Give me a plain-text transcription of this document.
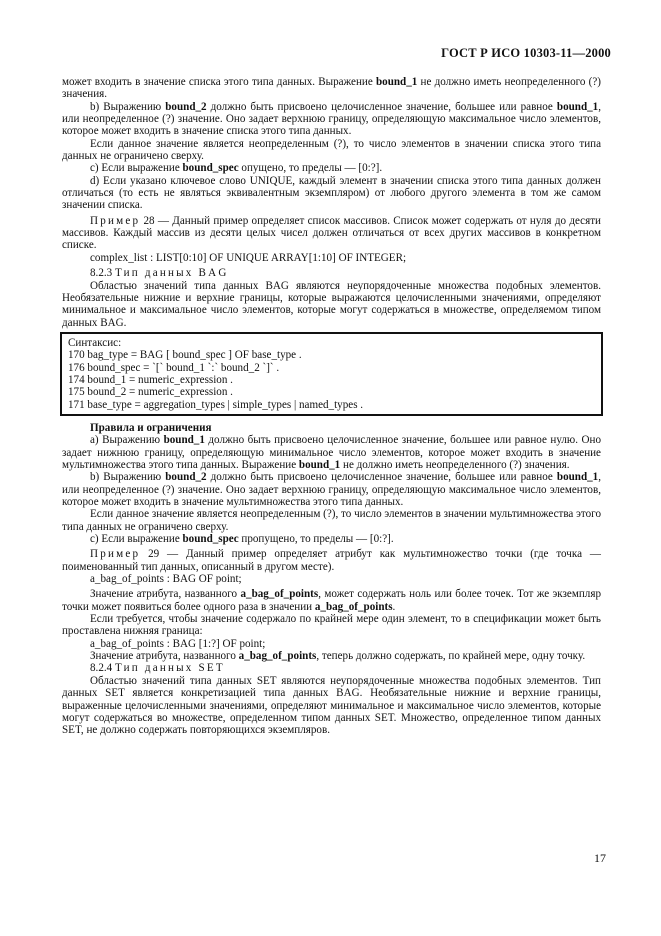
ГОСТ Р ИСО 10303-11—2000

может входить в значение списка этого типа данных. Выражение bound_1 не должно иметь неопределенного (?) значения.

b) Выражению bound_2 должно быть присвоено целочисленное значение, большее или равное bound_1, или неопределенное (?) значение. Оно задает верхнюю границу, определяющую максимальное число элементов, которое может входить в значение списка этого типа данных.

Если данное значение является неопределенным (?), то число элементов в значении списка этого типа данных не ограничено сверху.

c) Если выражение bound_spec опущено, то пределы — [0:?].

d) Если указано ключевое слово UNIQUE, каждый элемент в значении списка этого типа данных должен отличаться (то есть не являться эквивалентным экземпляром) от любого другого элемента в том же самом значении списка.

Пример 28 — Данный пример определяет список массивов. Список может содержать от нуля до десяти массивов. Каждый массив из десяти целых чисел должен отличаться от всех других массивов в конкретном списке.

complex_list : LIST[0:10] OF UNIQUE ARRAY[1:10] OF INTEGER;

8.2.3 Тип данных BAG

Областью значений типа данных BAG являются неупорядоченные множества подобных элементов. Необязательные нижние и верхние границы, которые выражаются целочисленными значениями, определяют минимальное и максимальное число элементов, которые могут содержаться в множестве, определяемом типом данных BAG.

Синтаксис:
170 bag_type = BAG [ bound_spec ] OF base_type .
176 bound_spec = `[` bound_1 `:` bound_2 `]` .
174 bound_1 = numeric_expression .
175 bound_2 = numeric_expression .
171 base_type = aggregation_types | simple_types | named_types .

Правила и ограничения

a) Выражению bound_1 должно быть присвоено целочисленное значение, большее или равное нулю. Оно задает нижнюю границу, определяющую минимальное число элементов, которое может входить в значение мультимножества этого типа данных. Выражение bound_1 не должно иметь неопределенного (?) значения.

b) Выражению bound_2 должно быть присвоено целочисленное значение, большее или равное bound_1, или неопределенное (?) значение. Оно задает верхнюю границу, определяющую максимальное число элементов, которое может входить в значение мультимножества этого типа данных.

Если данное значение является неопределенным (?), то число элементов в значении мультимножества этого типа данных не ограничено сверху.

c) Если выражение bound_spec пропущено, то пределы — [0:?].

Пример 29 — Данный пример определяет атрибут как мультимножество точки (где точка — поименованный тип данных, описанный в другом месте).

a_bag_of_points : BAG OF point;

Значение атрибута, названного a_bag_of_points, может содержать ноль или более точек. Тот же экземпляр точки может появиться более одного раза в значении a_bag_of_points.

Если требуется, чтобы значение содержало по крайней мере один элемент, то в спецификации может быть проставлена нижняя граница:

a_bag_of_points : BAG [1:?] OF point;

Значение атрибута, названного a_bag_of_points, теперь должно содержать, по крайней мере, одну точку.

8.2.4 Тип данных SET

Областью значений типа данных SET являются неупорядоченные множества подобных элементов. Тип данных SET является конкретизацией типа данных BAG. Необязательные нижние и верхние границы, выраженные целочисленными значениями, определяют минимальное и максимальное число элементов, которые могут содержаться во множестве, определенном типом данных SET. Множество, определенное типом данных SET, не должно содержать повторяющихся экземпляров.

17
